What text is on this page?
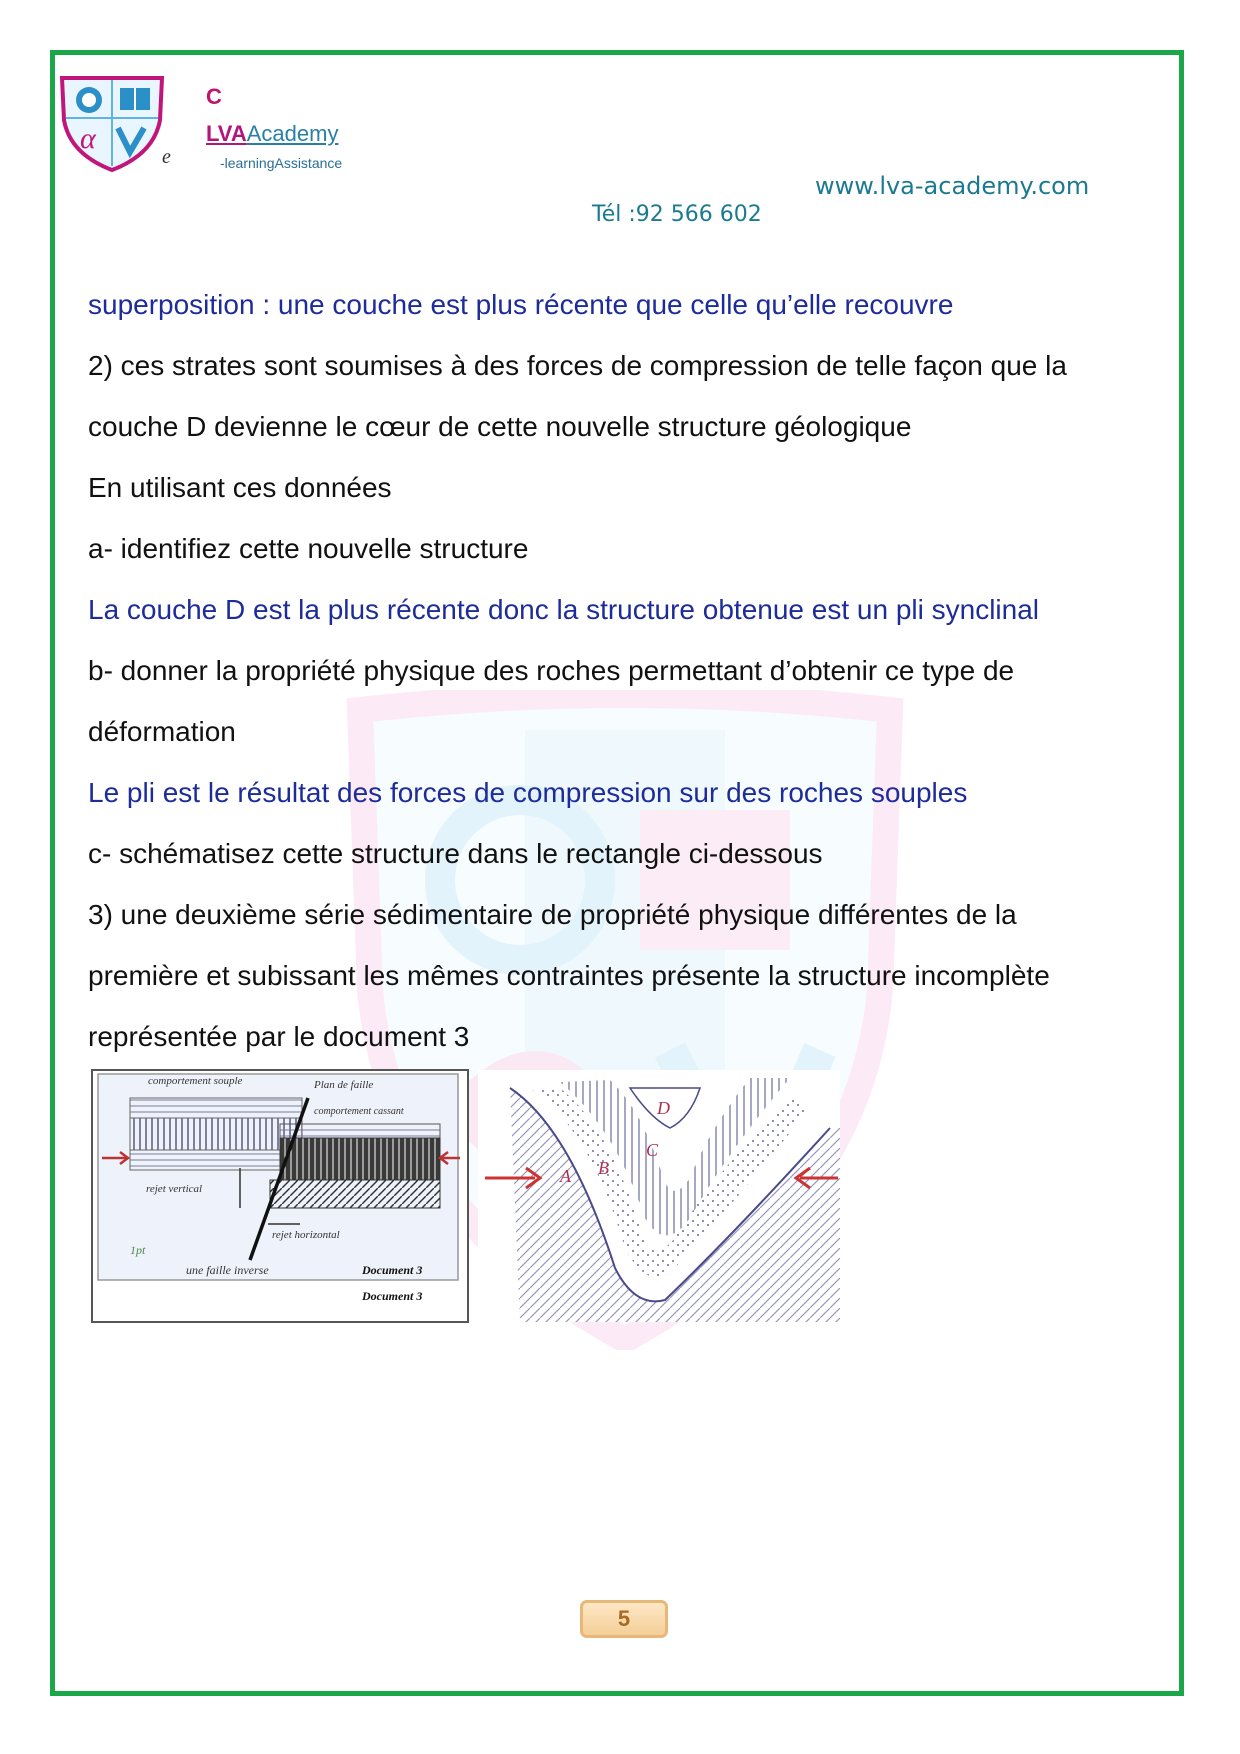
α
e
C
LVAAcademy
-learningAssistance
www.lva-academy.com
Tél :92 566 602
superposition : une couche est plus récente que celle qu’elle recouvre
2) ces strates sont soumises à des forces de compression de telle façon que la
couche D devienne le cœur de cette nouvelle structure géologique
En utilisant ces données
a- identifiez cette nouvelle structure
La couche D est la plus récente donc la structure obtenue est un pli synclinal
b- donner la propriété physique des roches permettant d’obtenir ce type de
déformation
Le pli est le résultat des forces de compression sur des roches souples
c- schématisez cette structure dans le rectangle ci-dessous
3) une deuxième série sédimentaire de propriété physique différentes de la
première et subissant les mêmes contraintes présente la structure incomplète
représentée par le document 3
comportement souple	Plan de faille
comportement cassant
rejet vertical
rejet horizontal
une faille inverse
1pt
Document 3
Document 3
A B
C
D
5
